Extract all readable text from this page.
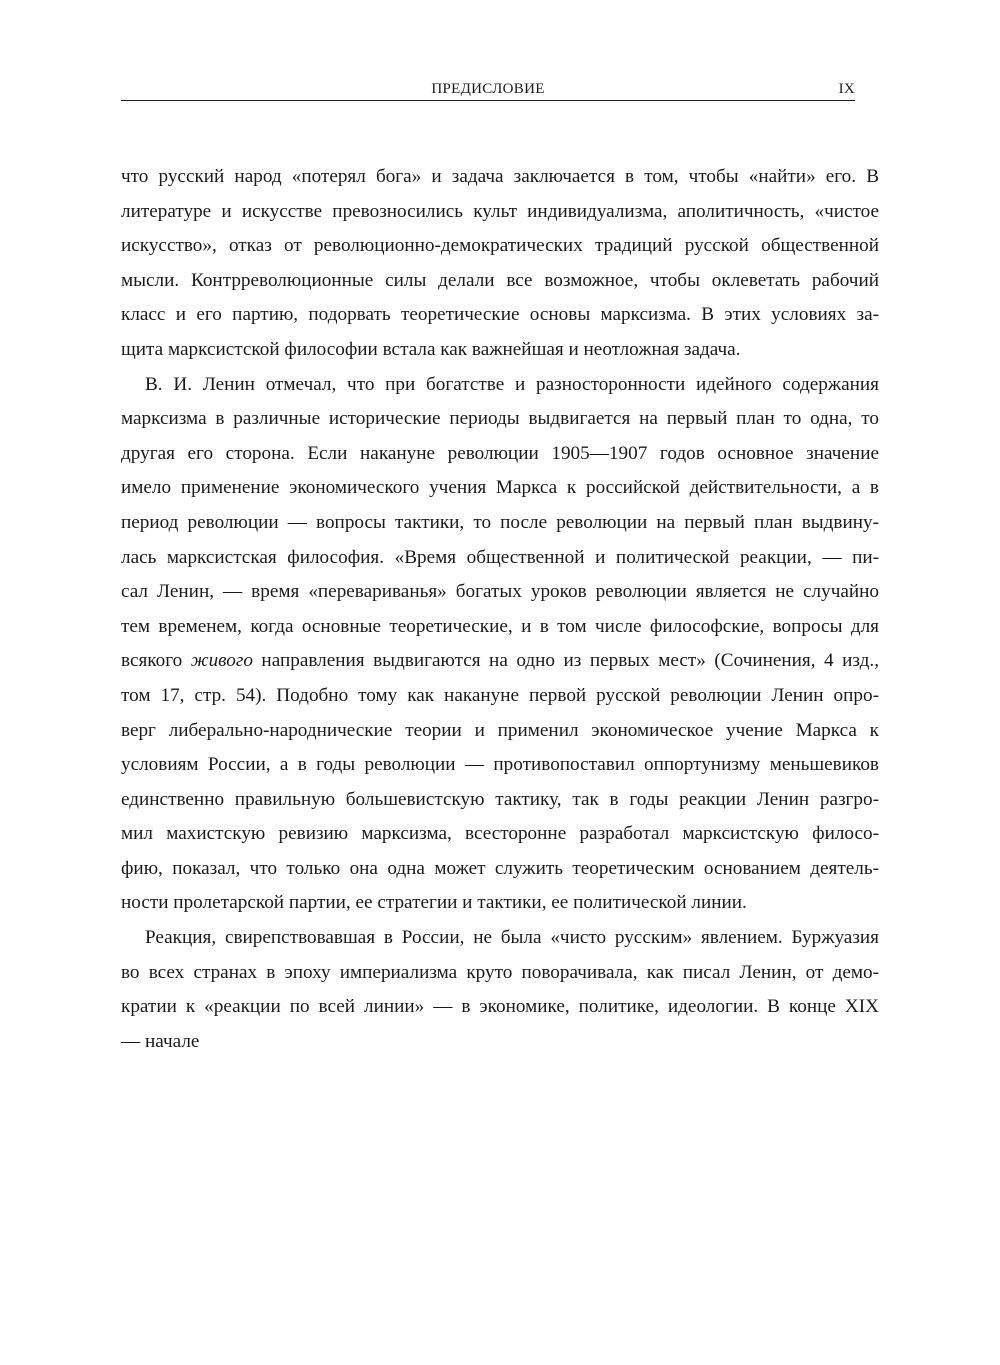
ПРЕДИСЛОВИЕ	IX
что русский народ «потерял бога» и задача заключается в том, чтобы «найти» его. В
литературе и искусстве превозносились культ индивидуализма, аполитичность, «чистое
искусство», отказ от революционно-демократических традиций русской общественной
мысли. Контрреволюционные силы делали все возможное, чтобы оклеветать рабочий
класс и его партию, подорвать теоретические основы марксизма. В этих условиях за-
щита марксистской философии встала как важнейшая и неотложная задача.
В. И. Ленин отмечал, что при богатстве и разносторонности идейного содержания
марксизма в различные исторические периоды выдвигается на первый план то одна, то
другая его сторона. Если накануне революции 1905—1907 годов основное значение
имело применение экономического учения Маркса к российской действительности, а в
период революции — вопросы тактики, то после революции на первый план выдвину-
лась марксистская философия. «Время общественной и политической реакции, — пи-
сал Ленин, — время «перевариванья» богатых уроков революции является не случайно
тем временем, когда основные теоретические, и в том числе философские, вопросы для
всякого живого направления выдвигаются на одно из первых мест» (Сочинения, 4 изд.,
том 17, стр. 54). Подобно тому как накануне первой русской революции Ленин опро-
верг либерально-народнические теории и применил экономическое учение Маркса к
условиям России, а в годы революции — противопоставил оппортунизму меньшевиков
единственно правильную большевистскую тактику, так в годы реакции Ленин разгро-
мил махистскую ревизию марксизма, всесторонне разработал марксистскую филосо-
фию, показал, что только она одна может служить теоретическим основанием деятель-
ности пролетарской партии, ее стратегии и тактики, ее политической линии.
Реакция, свирепствовавшая в России, не была «чисто русским» явлением. Буржуазия
во всех странах в эпоху империализма круто поворачивала, как писал Ленин, от демо-
кратии к «реакции по всей линии» — в экономике, политике, идеологии. В конце XIX
— начале
